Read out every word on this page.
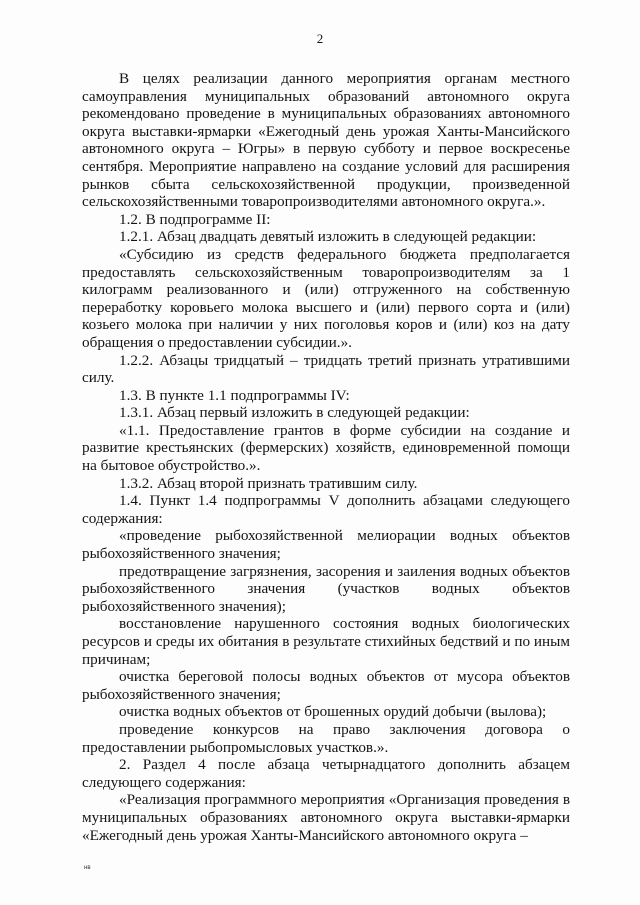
2

В целях реализации данного мероприятия органам местного самоуправления муниципальных образований автономного округа рекомендовано проведение в муниципальных образованиях автономного округа выставки-ярмарки «Ежегодный день урожая Ханты-Мансийского автономного округа – Югры» в первую субботу и первое воскресенье сентября. Мероприятие направлено на создание условий для расширения рынков сбыта сельскохозяйственной продукции, произведенной сельскохозяйственными товаропроизводителями автономного округа.».

1.2. В подпрограмме II:

1.2.1. Абзац двадцать девятый изложить в следующей редакции:

«Субсидию из средств федерального бюджета предполагается предоставлять сельскохозяйственным товаропроизводителям за 1 килограмм реализованного и (или) отгруженного на собственную переработку коровьего молока высшего и (или) первого сорта и (или) козьего молока при наличии у них поголовья коров и (или) коз на дату обращения о предоставлении субсидии.».

1.2.2. Абзацы тридцатый – тридцать третий признать утратившими силу.

1.3. В пункте 1.1 подпрограммы IV:

1.3.1. Абзац первый изложить в следующей редакции:

«1.1. Предоставление грантов в форме субсидии на создание и развитие крестьянских (фермерских) хозяйств, единовременной помощи на бытовое обустройство.».

1.3.2. Абзац второй признать тратившим силу.

1.4. Пункт 1.4 подпрограммы V дополнить абзацами следующего содержания:

«проведение рыбохозяйственной мелиорации водных объектов рыбохозяйственного значения;

предотвращение загрязнения, засорения и заиления водных объектов рыбохозяйственного значения (участков водных объектов рыбохозяйственного значения);

восстановление нарушенного состояния водных биологических ресурсов и среды их обитания в результате стихийных бедствий и по иным причинам;

очистка береговой полосы водных объектов от мусора объектов рыбохозяйственного значения;

очистка водных объектов от брошенных орудий добычи (вылова);

проведение конкурсов на право заключения договора о предоставлении рыбопромысловых участков.».

2. Раздел 4 после абзаца четырнадцатого дополнить абзацем следующего содержания:

«Реализация программного мероприятия «Организация проведения в муниципальных образованиях автономного округа выставки-ярмарки «Ежегодный день урожая Ханты-Мансийского автономного округа –

нв
